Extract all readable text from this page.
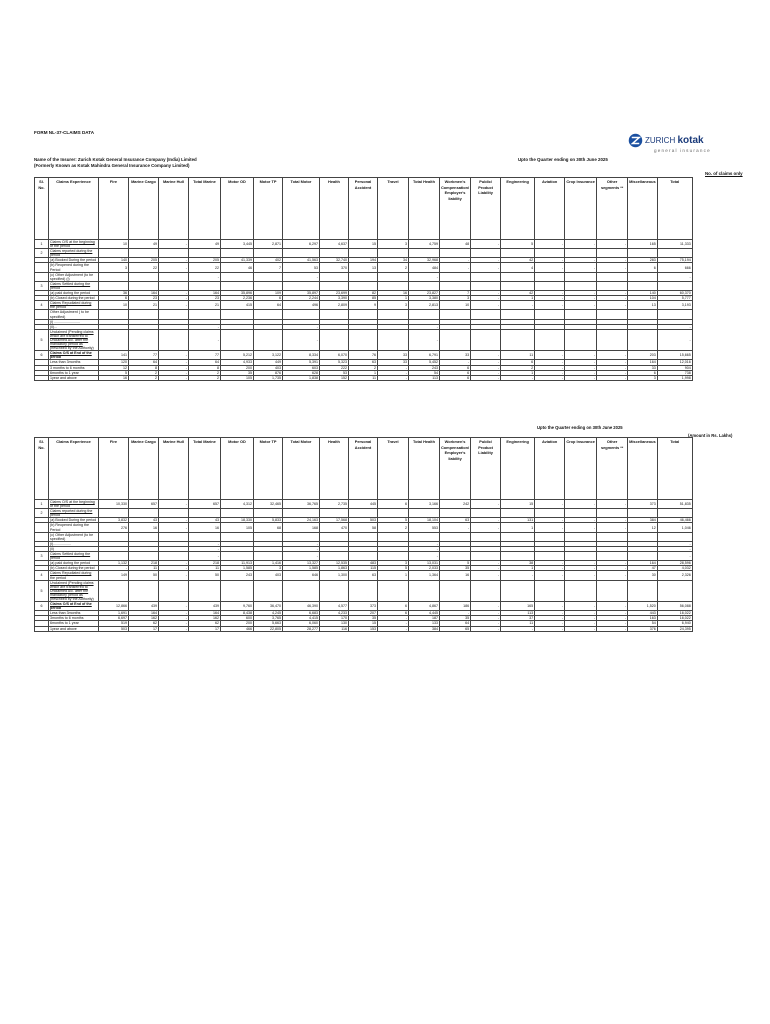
FORM NL-37-CLAIMS DATA
ZURICH kotak
general insurance
Name of the Insurer: Zurich Kotak General Insurance Company (India) Limited
(Formerly Known as Kotak Mahindra General Insurance Company Limited)
Upto the Quarter ending on 30th June 2025
No. of claims only
Sl. No.	Claims Experience	Fire	Marine Cargo	Marine Hull	Total Marine	Motor OD	Motor TP	Total Motor	Health	Personal Accident	Travel	Total Health	Workmen's Compensation/ Employer's liability	Public/ Product Liability	Engineering	Aviation	Crop Insurance	Other segments **	Miscellaneous	Total
1	Claims O/S at the beginning of the period	10	49	-	49	3,445	2,871	6,297	4,637	15	3	4,759	48	-	5	-	-	-	165	11,333
2	Claims reported during the period																			
	(a) Booked During the period	140	205	-	205	41,339	402	41,563	32,740	194	34	32,968	-	-	42	-	-	-	283	75,194
	(b) Reopened during the Period	3	22	-	22	46	7	53	370	13	2	484	-	-	4	-	-	-	6	666
	(c) Other Adjustment (to be specified) (i)				-			-				-								-
3	Claims Settled during the period																			
	(a) paid during the period	36	164	-	164	35,896	109	35,897	23,699	82	16	23,827	7	-	42	-	-	-	140	60,370
	(b) Closed during the period	6	23	-	23	2,236	6	2,244	3,390	85	1	3,380	3	-	1	-	-	-	104	5,777
4	Claims Repudiated during the period	10	21	-	21	415	64	496	2,809	9	3	2,813	10	-	-	-	-	-	13	3,193
	Other Adjustment ( to be specified)																			
	(i) ..........................																			
	(ii)...				-			-				-								-
5	Unclaimed (Pending claims which are transferred to Unclaimed A/c. after the mandatory period as prescribed by the Authority)				-			-				-								-
6	Claims O/S at End of the period	141	77	-	77	5,212	3,122	8,334	6,070	76	33	6,791	33	-	11	-	-	-	203	15,665
	Less than 3months	120	64	-	64	4,933	449	5,391	5,323	63	33	5,452	-	-	6	-	-	-	164	12,016
	3 months to 6 months	12	8	-	8	200	403	603	222	2	-	243	6	-	2	-	-	-	33	904
	6months to 1 year	5	2	-	2	35	876	628	53	1	-	54	6	-	1	-	-	-	6	738
	1year and above	16	2	-	2	105	1,735	1,838	152	11	-	113	6	-	-	-	-	-	3	1,998
Upto the Quarter ending on 30th June 2025
(Amount in Rs. Lakhs)
Sl. No.	Claims Experience	Fire	Marine Cargo	Marine Hull	Total Marine	Motor OD	Motor TP	Total Motor	Health	Personal Accident	Travel	Total Health	Workmen's Compensation/ Employer's liability	Public/ Product Liability	Engineering	Aviation	Crop Insurance	Other segments **	Miscellaneous	Total
1	Claims O/S at the beginning of the period	10,330	657	-	657	4,312	32,465	36,765	2,735	445	6	3,166	242	-	15	-	-	-	373	51,835
2	Claims reported during the period																			
	(a) Booked During the period	3,832	43	-	43	18,330	5,833	24,163	17,568	503	5	18,104	63	-	131	-	-	-	384	46,466
	(b) Reopened during the Period	276	16	-	16	105	68	168	470	58	2	553	-	-	1	-	-	-	12	1,046
	(c) Other Adjustment (to be specified)																			
	(i)..................				-			-				-								-
	(ii)				-			-				-								-
3	Claims Settled during the period				-			-				-								-
	(a) paid during the period	1,132	218	-	218	11,913	1,416	13,327	12,535	483	3	13,031	5	-	38	-	-	-	164	28,596
	(b) Closed during the period	-	11	-	11	1,585	3	1,585	1,863	115	5	2,033	35	-	1	-	-	-	47	4,032
4	Claims Repudiated during the period	149	50	-	50	243	403	646	1,300	63	1	1,364	16	-	-	-	-	-	30	2,326
5	Unclaimed (Pending claims which are transferred to Unclaimed A/c. after the mandatory period as prescribed by the Authority)																			
6	Claims O/S at End of the period	12,866	439	-	439	9,760	36,470	46,390	4,577	373	6	4,867	186	-	165	-	-	-	1,520	56,088
	Less than 3months	1,691	164	-	164	8,438	4,245	6,683	4,233	207	6	4,445	-	-	113	-	-	-	443	16,022
	3months to 6 months	6,697	162	-	162	600	3,765	4,415	170	35	-	187	35	-	37	-	-	-	163	16,022
	6months to 1 year	519	62	-	62	200	5,663	6,060	130	15	-	133	64	-	11	-	-	-	54	6,940
	1year and above	503	17	-	17	466	22,805	28,277	116	153	-	384	65	-	-	-	-	-	376	24,395
